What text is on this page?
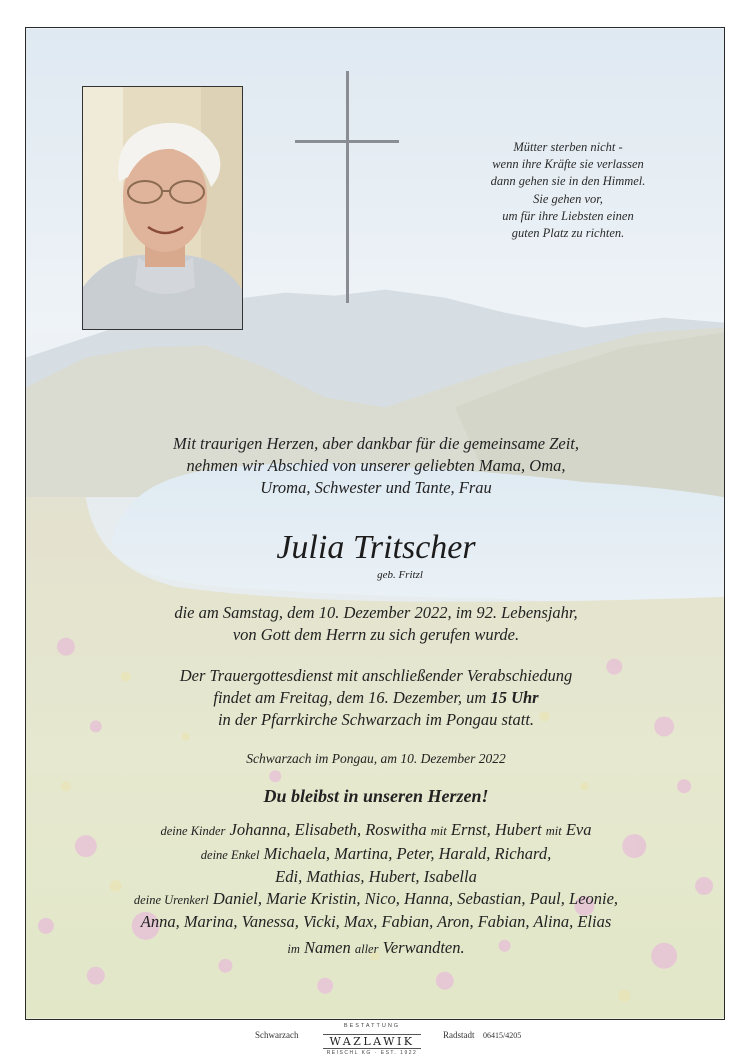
Mütter sterben nicht -
wenn ihre Kräfte sie verlassen
dann gehen sie in den Himmel.
Sie gehen vor,
um für ihre Liebsten einen
guten Platz zu richten.
Mit traurigen Herzen, aber dankbar für die gemeinsame Zeit,
nehmen wir Abschied von unserer geliebten Mama, Oma,
Uroma, Schwester und Tante, Frau
Julia Tritscher
geb. Fritzl
die am Samstag, dem 10. Dezember 2022, im 92. Lebensjahr,
von Gott dem Herrn zu sich gerufen wurde.
Der Trauergottesdienst mit anschließender Verabschiedung
findet am Freitag, dem 16. Dezember, um 15 Uhr
in der Pfarrkirche Schwarzach im Pongau statt.
Schwarzach im Pongau, am 10. Dezember 2022
Du bleibst in unseren Herzen!
deine Kinder Johanna, Elisabeth, Roswitha mit Ernst, Hubert mit Eva
deine Enkel Michaela, Martina, Peter, Harald, Richard,
Edi, Mathias, Hubert, Isabella
deine Urenkerl Daniel, Marie Kristin, Nico, Hanna, Sebastian, Paul, Leonie,
Anna, Marina, Vanessa, Vicki, Max, Fabian, Aron, Fabian, Alina, Elias
im Namen aller Verwandten.
Schwarzach
BESTATTUNG
WAZLAWIK
REISCHL KG · EST. 1922
Radstadt 06415/4205
